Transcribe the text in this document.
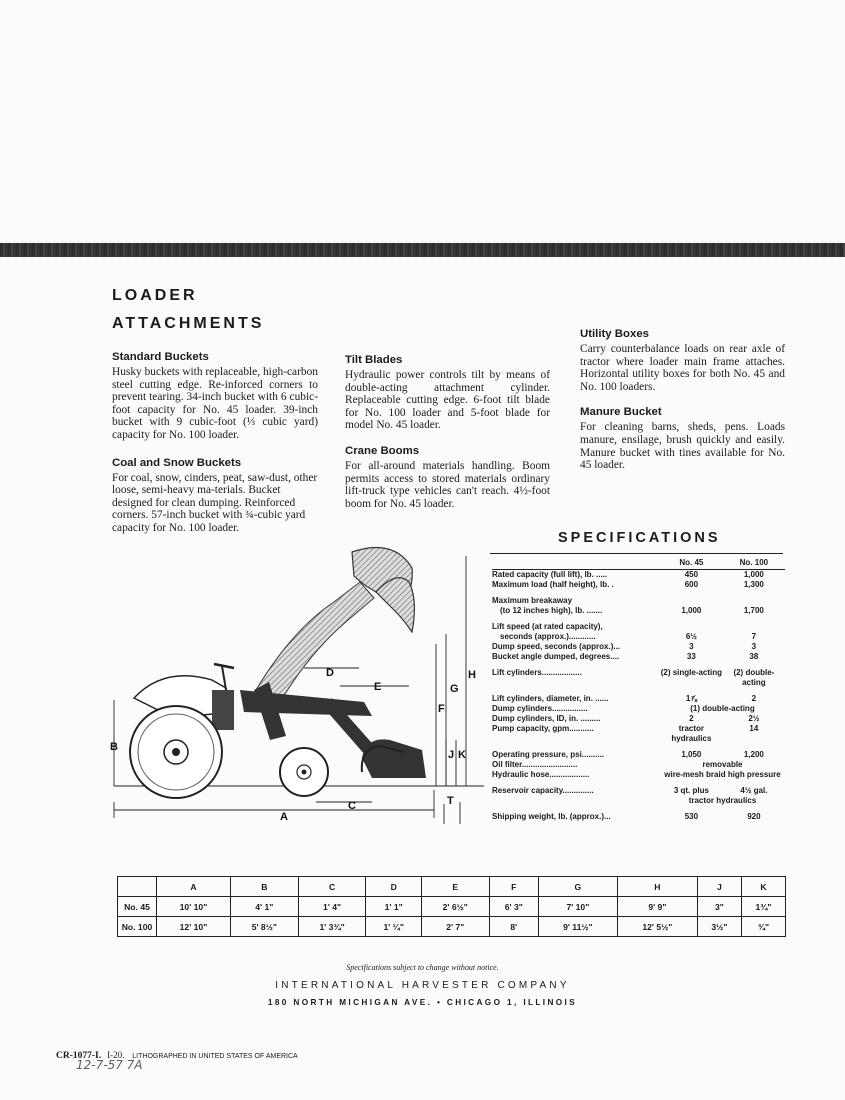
LOADER
ATTACHMENTS
Standard Buckets

Husky buckets with replaceable, high-carbon steel cutting edge. Re-inforced corners to prevent tearing. 34-inch bucket with 6 cubic-foot capacity for No. 45 loader. 39-inch bucket with 9 cubic-foot (⅓ cubic yard) capacity for No. 100 loader.

Coal and Snow Buckets

For coal, snow, cinders, peat, saw-dust, other loose, semi-heavy ma-terials. Bucket designed for clean dumping. Reinforced corners. 57-inch bucket with ¾-cubic yard capacity for No. 100 loader.

Tilt Blades

Hydraulic power controls tilt by means of double-acting attachment cylinder. Replaceable cutting edge. 6-foot tilt blade for No. 100 loader and 5-foot blade for model No. 45 loader.

Crane Booms

For all-around materials handling. Boom permits access to stored materials ordinary lift-truck type vehicles can't reach. 4½-foot boom for No. 45 loader.

Utility Boxes

Carry counterbalance loads on rear axle of tractor where loader main frame attaches. Horizontal utility boxes for both No. 45 and No. 100 loaders.

Manure Bucket

For cleaning barns, sheds, pens. Loads manure, ensilage, brush quickly and easily. Manure bucket with tines available for No. 45 loader.

A
B
C
D
E
F
G
H
J K
T
SPECIFICATIONS
	No. 45	No. 100
Rated capacity (full lift), lb. .....	450	1,000
Maximum load (half height), lb. .	600	1,300
Maximum breakaway		
(to 12 inches high), lb. .......	1,000	1,700
Lift speed (at rated capacity),		
seconds (approx.)............	6½	7
Dump speed, seconds (approx.)...	3	3
Bucket angle dumped, degrees....	33	38
Lift cylinders..................	(2) single-acting	(2) double-acting
Lift cylinders, diameter, in. ......	1⅞	2
Dump cylinders................	(1) double-acting	
Dump cylinders, ID, in. .........	2	2½
Pump capacity, gpm...........	tractor hydraulics	14
Operating pressure, psi..........	1,050	1,200
Oil filter.........................	removable	
Hydraulic hose..................	wire-mesh braid high pressure	
Reservoir capacity..............	3 qt. plus	4½ gal.
	tractor hydraulics	
Shipping weight, lb. (approx.)...	530	920
	A	B	C	D	E	F	G	H	J	K
No. 45	10' 10"	4' 1"	1' 4"	1' 1"	2' 6½"	6' 3"	7' 10"	9' 9"	3"	1¾"
No. 100	12' 10"	5' 8½"	1' 3¾"	1' ¼"	2' 7"	8'	9' 11½"	12' 5½"	3½"	¾"
Specifications subject to change without notice.
INTERNATIONAL HARVESTER COMPANY
180 NORTH MICHIGAN AVE. • CHICAGO 1, ILLINOIS
CR-1077-I. I-20. LITHOGRAPHED IN UNITED STATES OF AMERICA
12-7-57 7A
